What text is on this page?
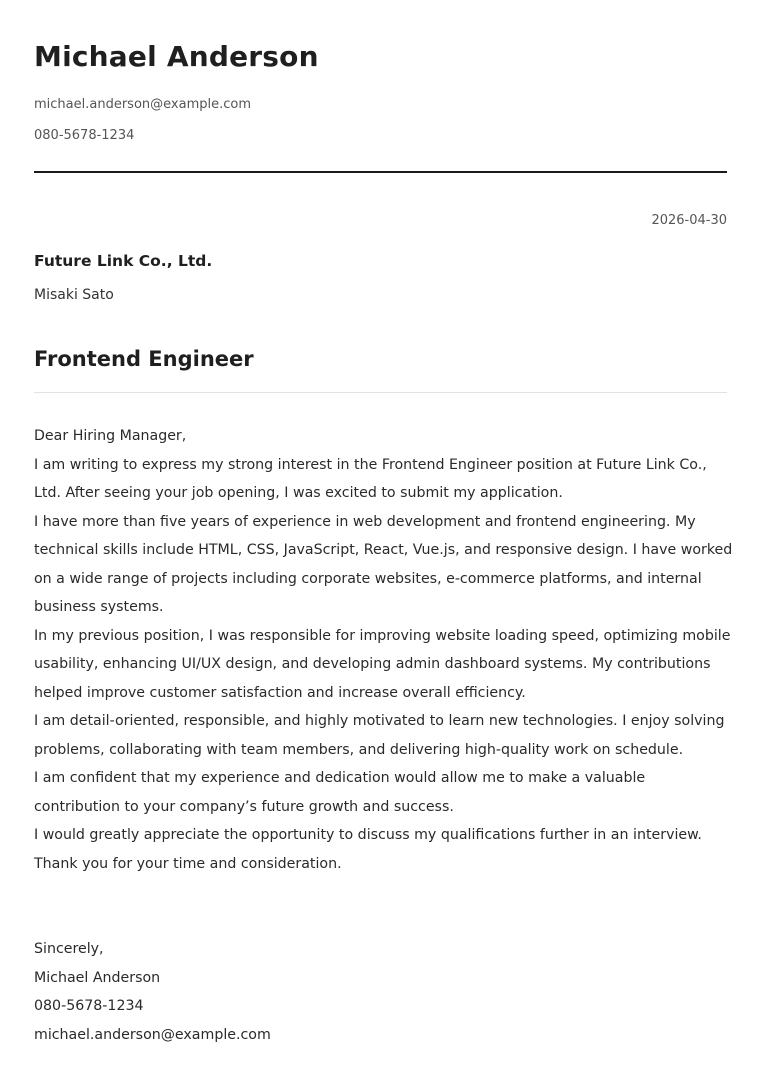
Michael Anderson
michael.anderson@example.com
080-5678-1234
2026-04-30
Future Link Co., Ltd.
Misaki Sato
Frontend Engineer

Dear Hiring Manager,

I am writing to express my strong interest in the Frontend Engineer position at Future Link Co., Ltd. After seeing your job opening, I was excited to submit my application.

I have more than five years of experience in web development and frontend engineering. My technical skills include HTML, CSS, JavaScript, React, Vue.js, and responsive design. I have worked on a wide range of projects including corporate websites, e-commerce platforms, and internal business systems.

In my previous position, I was responsible for improving website loading speed, optimizing mobile usability, enhancing UI/UX design, and developing admin dashboard systems. My contributions helped improve customer satisfaction and increase overall efficiency.

I am detail-oriented, responsible, and highly motivated to learn new technologies. I enjoy solving problems, collaborating with team members, and delivering high-quality work on schedule.

I am confident that my experience and dedication would allow me to make a valuable contribution to your company’s future growth and success.

I would greatly appreciate the opportunity to discuss my qualifications further in an interview.

Thank you for your time and consideration.

Sincerely,
Michael Anderson
080-5678-1234
michael.anderson@example.com
